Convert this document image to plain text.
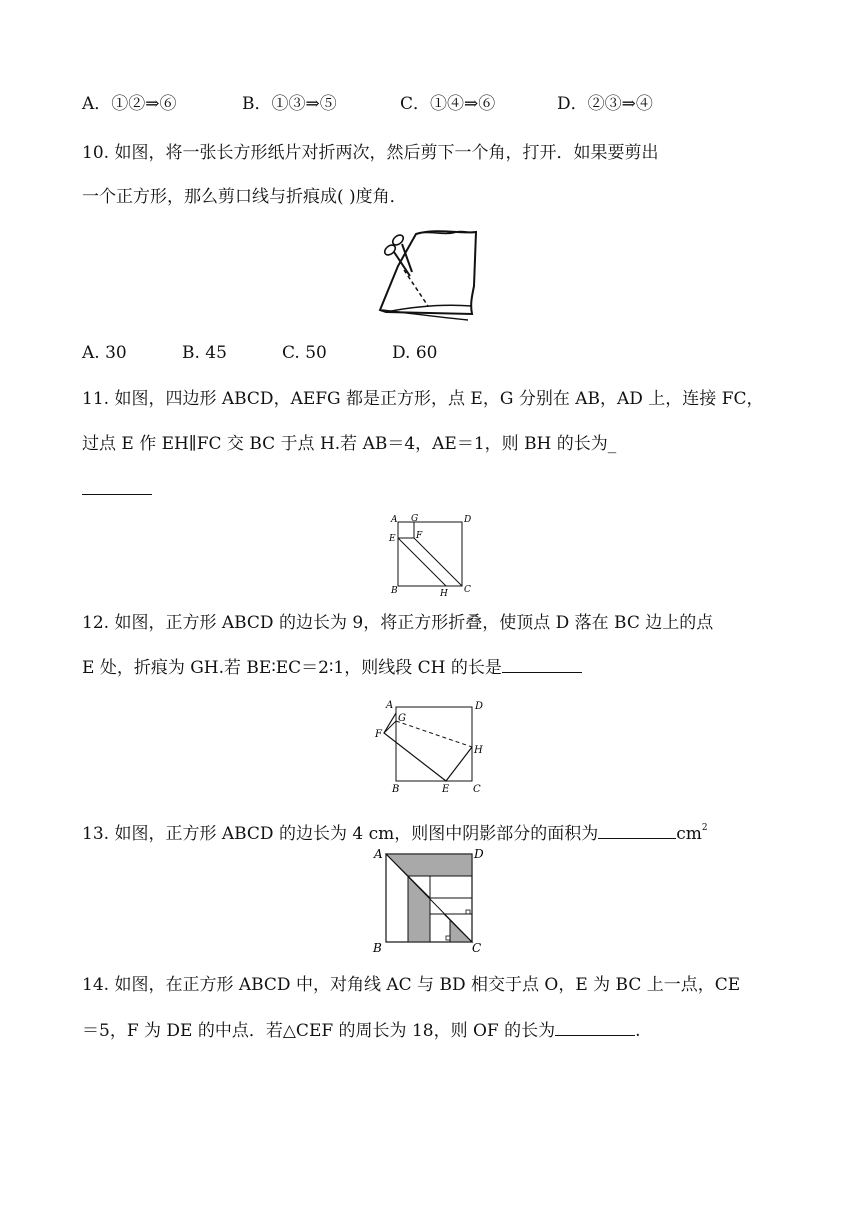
A．①②⇒⑥	B．①③⇒⑤	C．①④⇒⑥	D．②③⇒④
10. 如图，将一张长方形纸片对折两次，然后剪下一个角，打开．如果要剪出
一个正方形，那么剪口线与折痕成( )度角．
A. 30	B. 45	C. 50	D. 60
11. 如图，四边形 ABCD，AEFG 都是正方形，点 E，G 分别在 AB，AD 上，连接 FC，
过点 E 作 EH∥FC 交 BC 于点 H.若 AB＝4，AE＝1，则 BH 的长为_
A G	D
E F
B	H C
12. 如图，正方形 ABCD 的边长为 9，将正方形折叠，使顶点 D 落在 BC 边上的点
E 处，折痕为 GH.若 BE∶EC＝2∶1，则线段 CH 的长是
A
G
D
F
H
B	E C
13. 如图，正方形 ABCD 的边长为 4 cm，则图中阴影部分的面积为	$cm^2$
A	D
B	C
14. 如图，在正方形 ABCD 中，对角线 AC 与 BD 相交于点 O，E 为 BC 上一点，CE
＝5，F 为 DE 的中点．若△CEF 的周长为 18，则 OF 的长为	.
